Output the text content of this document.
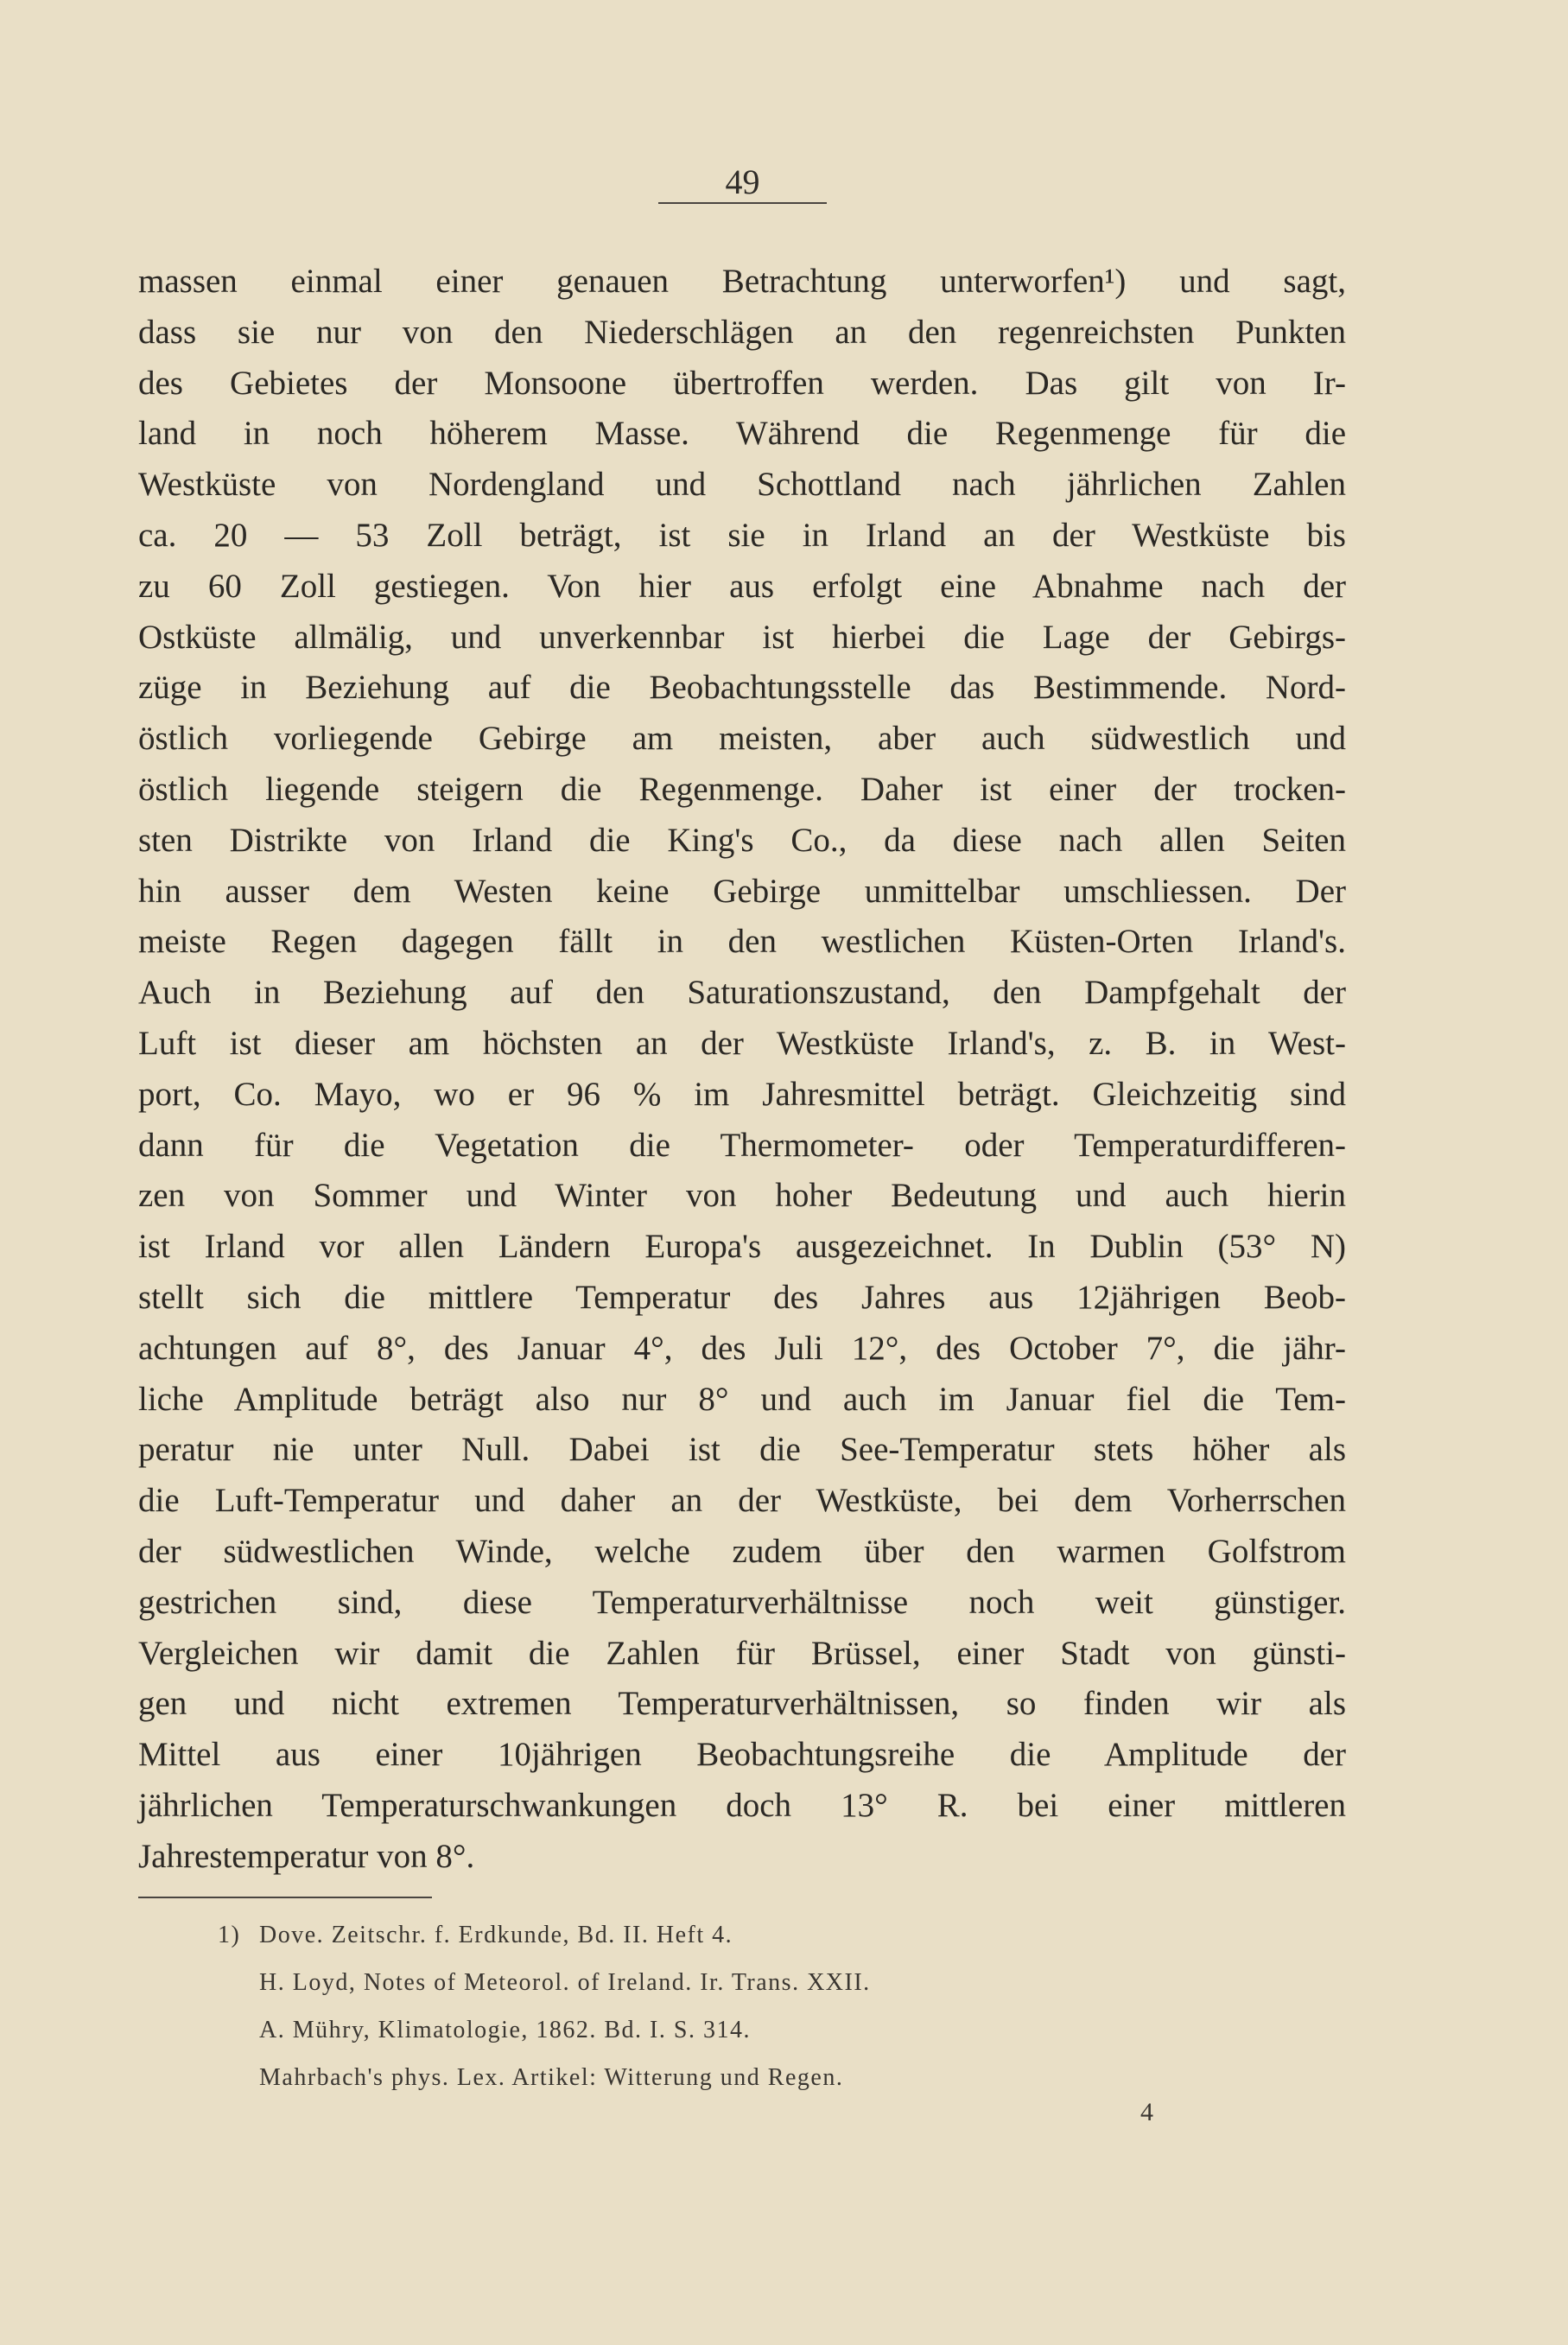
49
massen einmal einer genauen Betrachtung unterworfen¹) und sagt,
dass sie nur von den Niederschlägen an den regenreichsten Punkten
des Gebietes der Monsoone übertroffen werden. Das gilt von Ir-
land in noch höherem Masse. Während die Regenmenge für die
Westküste von Nordengland und Schottland nach jährlichen Zahlen
ca. 20 — 53 Zoll beträgt, ist sie in Irland an der Westküste bis
zu 60 Zoll gestiegen. Von hier aus erfolgt eine Abnahme nach der
Ostküste allmälig, und unverkennbar ist hierbei die Lage der Gebirgs-
züge in Beziehung auf die Beobachtungsstelle das Bestimmende. Nord-
östlich vorliegende Gebirge am meisten, aber auch südwestlich und
östlich liegende steigern die Regenmenge. Daher ist einer der trocken-
sten Distrikte von Irland die King's Co., da diese nach allen Seiten
hin ausser dem Westen keine Gebirge unmittelbar umschliessen. Der
meiste Regen dagegen fällt in den westlichen Küsten-Orten Irland's.
Auch in Beziehung auf den Saturationszustand, den Dampfgehalt der
Luft ist dieser am höchsten an der Westküste Irland's, z. B. in West-
port, Co. Mayo, wo er 96 % im Jahresmittel beträgt. Gleichzeitig sind
dann für die Vegetation die Thermometer- oder Temperaturdifferen-
zen von Sommer und Winter von hoher Bedeutung und auch hierin
ist Irland vor allen Ländern Europa's ausgezeichnet. In Dublin (53° N)
stellt sich die mittlere Temperatur des Jahres aus 12jährigen Beob-
achtungen auf 8°, des Januar 4°, des Juli 12°, des October 7°, die jähr-
liche Amplitude beträgt also nur 8° und auch im Januar fiel die Tem-
peratur nie unter Null. Dabei ist die See-Temperatur stets höher als
die Luft-Temperatur und daher an der Westküste, bei dem Vorherrschen
der südwestlichen Winde, welche zudem über den warmen Golfstrom
gestrichen sind, diese Temperaturverhältnisse noch weit günstiger.
Vergleichen wir damit die Zahlen für Brüssel, einer Stadt von günsti-
gen und nicht extremen Temperaturverhältnissen, so finden wir als
Mittel aus einer 10jährigen Beobachtungsreihe die Amplitude der
jährlichen Temperaturschwankungen doch 13° R. bei einer mittleren
Jahrestemperatur von 8°.
1) Dove. Zeitschr. f. Erdkunde, Bd. II. Heft 4.
H. Loyd, Notes of Meteorol. of Ireland. Ir. Trans. XXII.
A. Mühry, Klimatologie, 1862. Bd. I. S. 314.
Mahrbach's phys. Lex. Artikel: Witterung und Regen.
4
